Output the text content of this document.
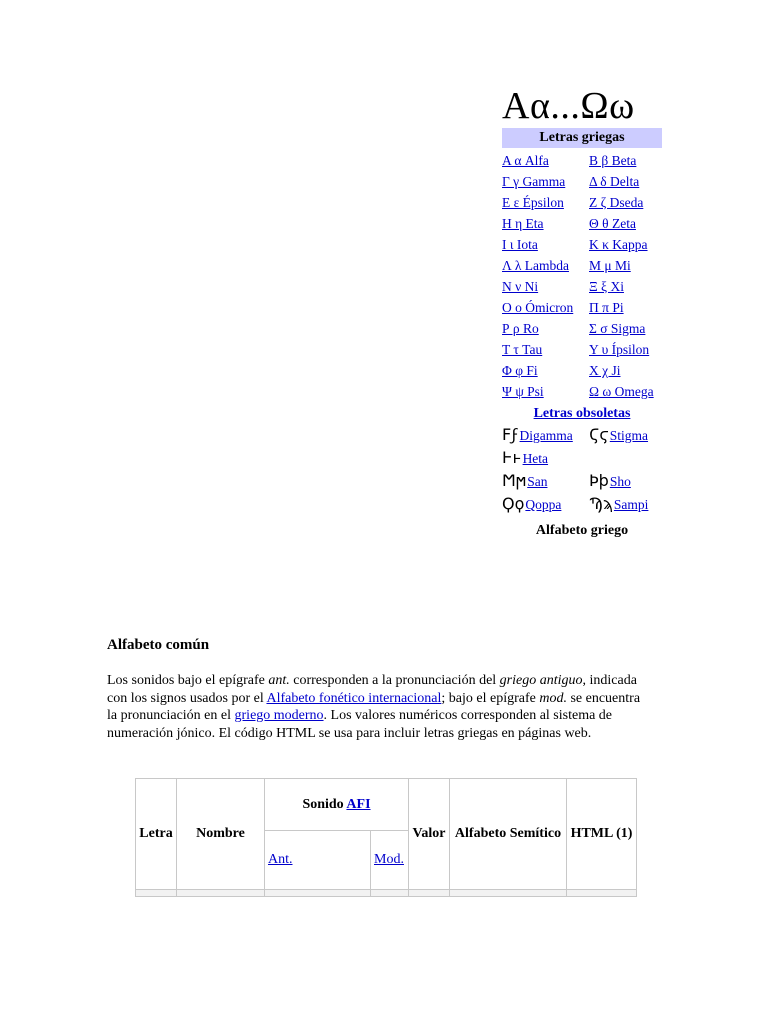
Αα...Ωω
Letras griegas
Α α Alfa	Β β Beta
Γ γ Gamma	Δ δ Delta
Ε ε Épsilon	Ζ ζ Dseda
Η η Eta	Θ θ Zeta
Ι ι Iota	Κ κ Kappa
Λ λ Lambda	Μ μ Mi
Ν ν Ni	Ξ ξ Xi
Ο ο Ómicron	Π π Pi
Ρ ρ Ro	Σ σ Sigma
Τ τ Tau	Υ υ Ípsilon
Φ φ Fi	Χ χ Ji
Ψ ψ Psi	Ω ω Omega
Letras obsoletas
ϜϝDigamma	ϚϛStigma
ͰͱHeta
ϺϻSan	ϷϸSho
ϘϙQoppa	ϠϡSampi
Alfabeto griego
Alfabeto común
Los sonidos bajo el epígrafe ant. corresponden a la pronunciación del griego antiguo, indicada con los signos usados por el Alfabeto fonético internacional; bajo el epígrafe mod. se encuentra la pronunciación en el griego moderno. Los valores numéricos corresponden al sistema de numeración jónico. El código HTML se usa para incluir letras griegas en páginas web.
Letra	Nombre	Sonido AFI		Valor	Alfabeto Semítico	HTML (1)
		Ant.	Mod.			
